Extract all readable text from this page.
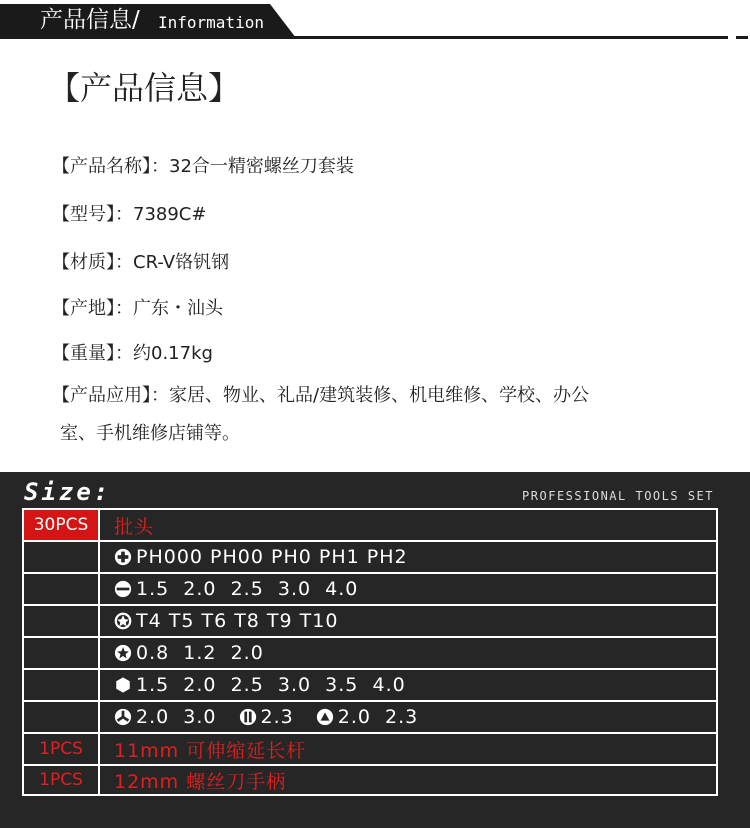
产品信息/ Information
【产品信息】
【产品名称】：32合一精密螺丝刀套装
【型号】：7389C#
【材质】：CR-V铬钒钢
【产地】：广东・汕头
【重量】：约0.17kg
【产品应用】：家居、物业、礼品/建筑装修、机电维修、学校、办公
室、手机维修店铺等。
Size:	PROFESSIONAL TOOLS SET
30PCS	批头
PH000 PH00 PH0 PH1 PH2
1.5  2.0  2.5  3.0  4.0
T4 T5 T6 T8 T9 T10
0.8  1.2  2.0
1.5  2.0  2.5  3.0  3.5  4.0
2.0  3.0 2.3 2.0  2.3
1PCS	11mm 可伸缩延长杆
1PCS	12mm 螺丝刀手柄
